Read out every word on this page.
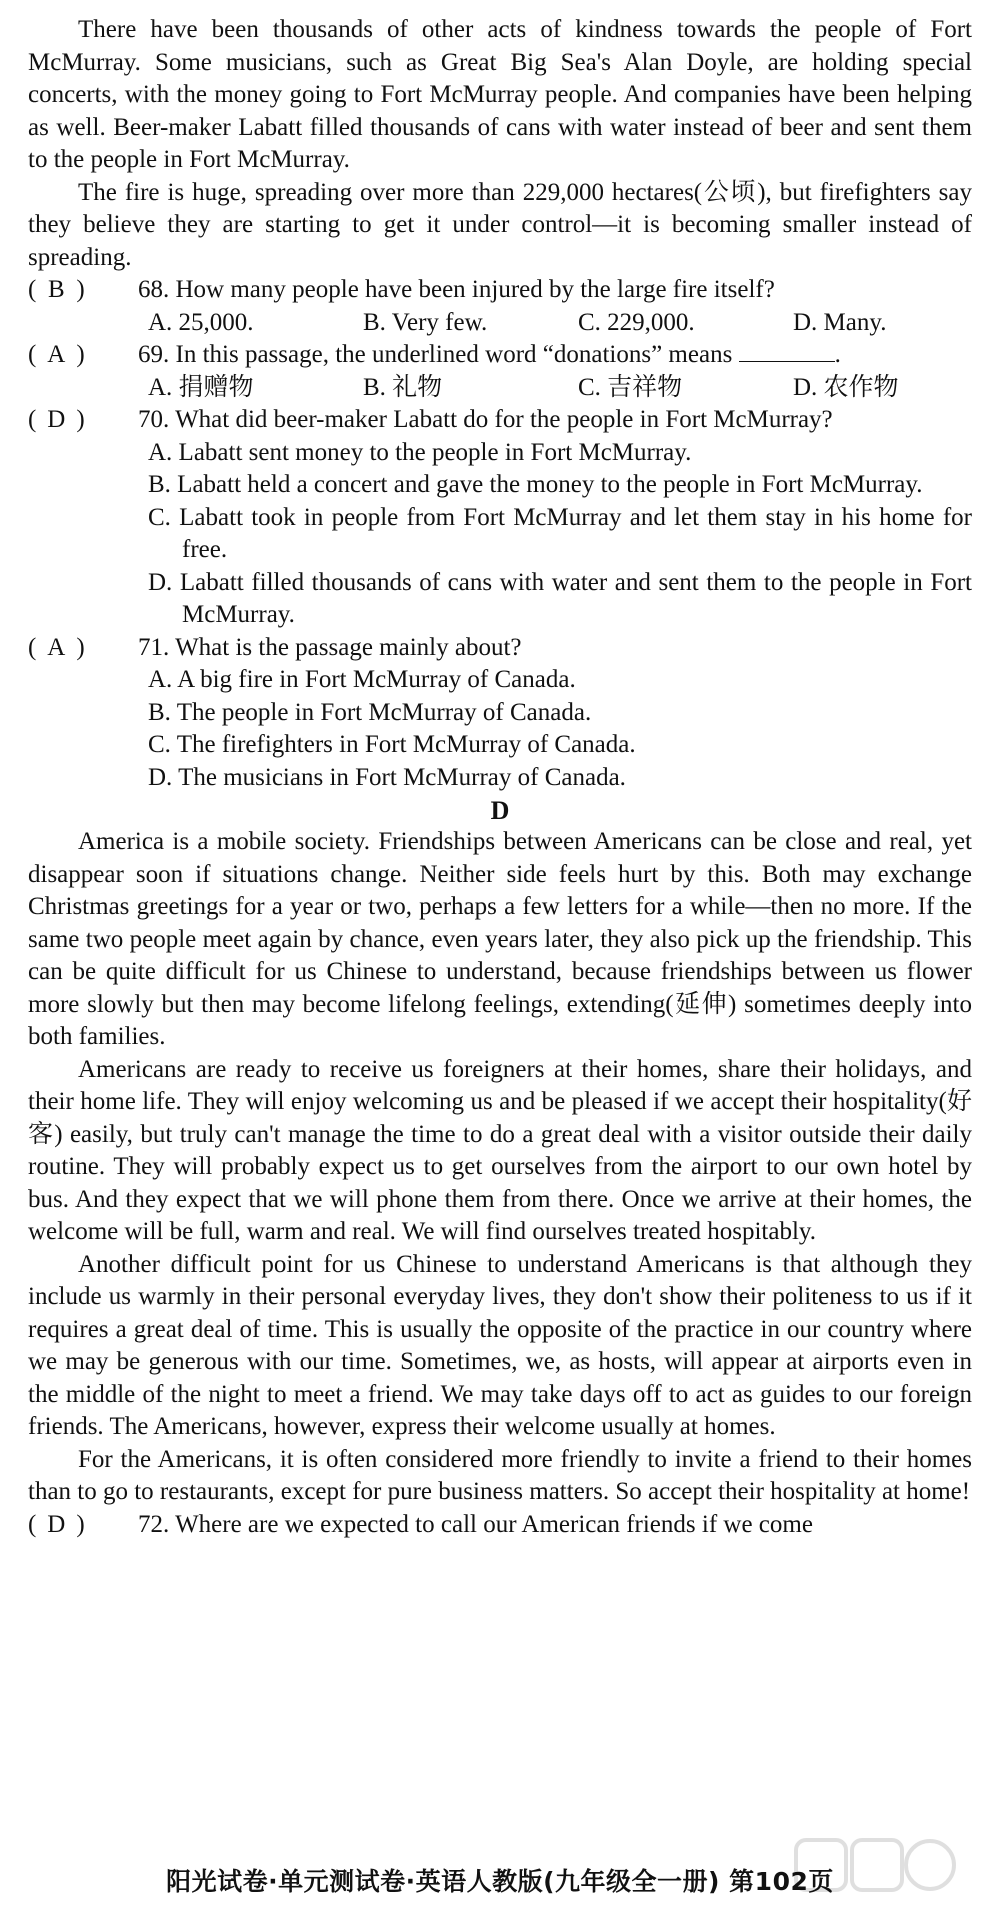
There have been thousands of other acts of kindness towards the people of Fort McMurray. Some musicians, such as Great Big Sea's Alan Doyle, are holding special concerts, with the money going to Fort McMurray people. And companies have been helping as well. Beer-maker Labatt filled thousands of cans with water instead of beer and sent them to the people in Fort McMurray.

The fire is huge, spreading over more than 229,000 hectares(公顷), but firefighters say they believe they are starting to get it under control—it is becoming smaller instead of spreading.

( B ) 68. How many people have been injured by the large fire itself?
A. 25,000.	B. Very few.	C. 229,000.	D. Many.
( A ) 69. In this passage, the underlined word “donations” means	.
A. 捐赠物	B. 礼物	C. 吉祥物	D. 农作物
( D ) 70. What did beer-maker Labatt do for the people in Fort McMurray?
A. Labatt sent money to the people in Fort McMurray.
B. Labatt held a concert and gave the money to the people in Fort McMurray.
C. Labatt took in people from Fort McMurray and let them stay in his home for free.
D. Labatt filled thousands of cans with water and sent them to the people in Fort McMurray.
( A ) 71. What is the passage mainly about?
A. A big fire in Fort McMurray of Canada.
B. The people in Fort McMurray of Canada.
C. The firefighters in Fort McMurray of Canada.
D. The musicians in Fort McMurray of Canada.
D

America is a mobile society. Friendships between Americans can be close and real, yet disappear soon if situations change. Neither side feels hurt by this. Both may exchange Christmas greetings for a year or two, perhaps a few letters for a while—then no more. If the same two people meet again by chance, even years later, they also pick up the friendship. This can be quite difficult for us Chinese to understand, because friendships between us flower more slowly but then may become lifelong feelings, extending(延伸) sometimes deeply into both families.

Americans are ready to receive us foreigners at their homes, share their holidays, and their home life. They will enjoy welcoming us and be pleased if we accept their hospitality(好客) easily, but truly can't manage the time to do a great deal with a visitor outside their daily routine. They will probably expect us to get ourselves from the airport to our own hotel by bus. And they expect that we will phone them from there. Once we arrive at their homes, the welcome will be full, warm and real. We will find ourselves treated hospitably.

Another difficult point for us Chinese to understand Americans is that although they include us warmly in their personal everyday lives, they don't show their politeness to us if it requires a great deal of time. This is usually the opposite of the practice in our country where we may be generous with our time. Sometimes, we, as hosts, will appear at airports even in the middle of the night to meet a friend. We may take days off to act as guides to our foreign friends. The Americans, however, express their welcome usually at homes.

For the Americans, it is often considered more friendly to invite a friend to their homes than to go to restaurants, except for pure business matters. So accept their hospitality at home!

( D ) 72. Where are we expected to call our American friends if we come
阳光试卷·单元测试卷·英语人教版(九年级全一册) 第102页
